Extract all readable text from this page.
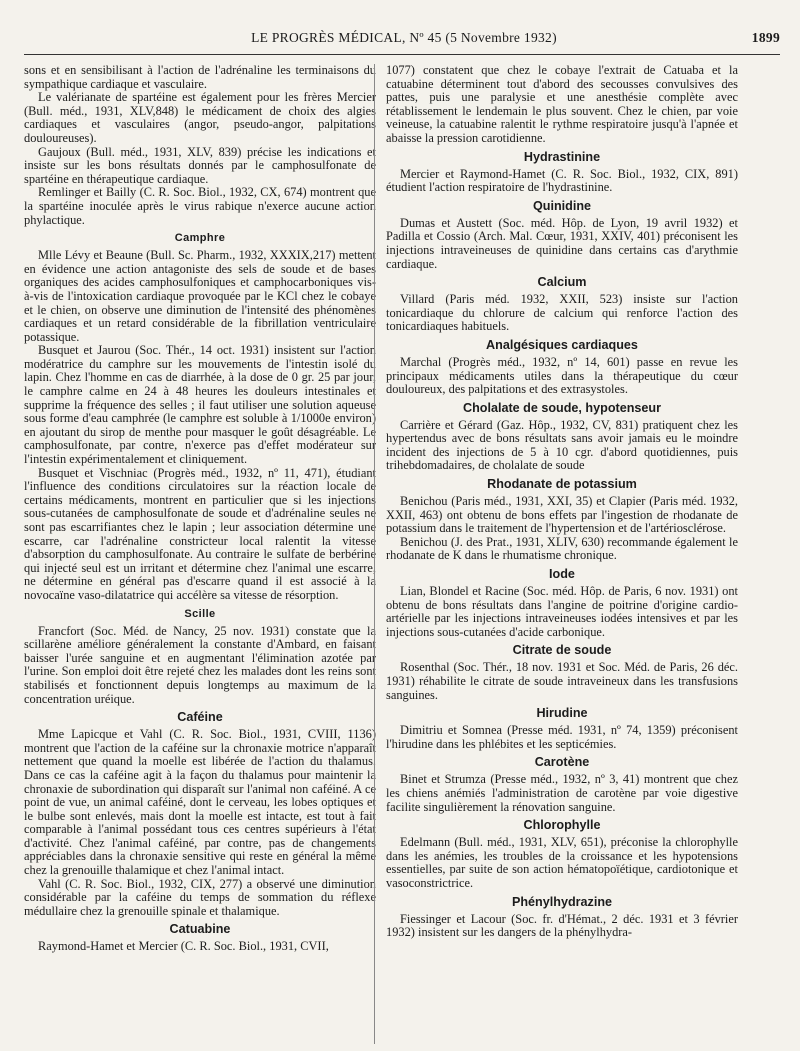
LE PROGRÈS MÉDICAL, Nº 45 (5 Novembre 1932)	1899

sons et en sensibilisant à l'action de l'adrénaline les terminaisons du sympathique cardiaque et vasculaire.

Le valérianate de spartéine est également pour les frères Mercier (Bull. méd., 1931, XLV,848) le médicament de choix des algies cardiaques et vasculaires (angor, pseudo-angor, palpitations douloureuses).

Gaujoux (Bull. méd., 1931, XLV, 839) précise les indications et insiste sur les bons résultats donnés par le camphosulfonate de spartéine en thérapeutique cardiaque.

Remlinger et Bailly (C. R. Soc. Biol., 1932, CX, 674) montrent que la spartéine inoculée après le virus rabique n'exerce aucune action phylactique.

Camphre

Mlle Lévy et Beaune (Bull. Sc. Pharm., 1932, XXXIX,217) mettent en évidence une action antagoniste des sels de soude et de bases organiques des acides camphosulfoniques et camphocarboniques vis-à-vis de l'intoxication cardiaque provoquée par le KCl chez le cobaye et le chien, on observe une diminution de l'intensité des phénomènes cardiaques et un retard considérable de la fibrillation ventriculaire potassique.

Busquet et Jaurou (Soc. Thér., 14 oct. 1931) insistent sur l'action modératrice du camphre sur les mouvements de l'intestin isolé du lapin. Chez l'homme en cas de diarrhée, à la dose de 0 gr. 25 par jour, le camphre calme en 24 à 48 heures les douleurs intestinales et supprime la fréquence des selles ; il faut utiliser une solution aqueuse sous forme d'eau camphrée (le camphre est soluble à 1/1000e environ) en ajoutant du sirop de menthe pour masquer le goût désagréable. Le camphosulfonate, par contre, n'exerce pas d'effet modérateur sur l'intestin expérimentalement et cliniquement.

Busquet et Vischniac (Progrès méd., 1932, nº 11, 471), étudiant l'influence des conditions circulatoires sur la réaction locale de certains médicaments, montrent en particulier que si les injections sous-cutanées de camphosulfonate de soude et d'adrénaline seules ne sont pas escarrifiantes chez le lapin ; leur association détermine une escarre, car l'adrénaline constricteur local ralentit la vitesse d'absorption du camphosulfonate. Au contraire le sulfate de berbérine qui injecté seul est un irritant et détermine chez l'animal une escarre, ne détermine en général pas d'escarre quand il est associé à la novocaïne vaso-dilatatrice qui accélère sa vitesse de résorption.

Scille

Francfort (Soc. Méd. de Nancy, 25 nov. 1931) constate que la scillarène améliore généralement la constante d'Ambard, en faisant baisser l'urée sanguine et en augmentant l'élimination azotée par l'urine. Son emploi doit être rejeté chez les malades dont les reins sont stabilisés et fonctionnent depuis longtemps au maximum de la concentration uréique.

Caféine

Mme Lapicque et Vahl (C. R. Soc. Biol., 1931, CVIII, 1136) montrent que l'action de la caféine sur la chronaxie motrice n'apparaît nettement que quand la moelle est libérée de l'action du thalamus. Dans ce cas la caféine agit à la façon du thalamus pour maintenir la chronaxie de subordination qui disparaît sur l'animal non caféiné. A ce point de vue, un animal caféiné, dont le cerveau, les lobes optiques et le bulbe sont enlevés, mais dont la moelle est intacte, est tout à fait comparable à l'animal possédant tous ces centres supérieurs à l'état d'activité. Chez l'animal caféiné, par contre, pas de changements appréciables dans la chronaxie sensitive qui reste en général la même chez la grenouille thalamique et chez l'animal intact.

Vahl (C. R. Soc. Biol., 1932, CIX, 277) a observé une diminution considérable par la caféine du temps de sommation du réflexe médullaire chez la grenouille spinale et thalamique.

Catuabine

Raymond-Hamet et Mercier (C. R. Soc. Biol., 1931, CVII,

1077) constatent que chez le cobaye l'extrait de Catuaba et la catuabine déterminent tout d'abord des secousses convulsives des pattes, puis une paralysie et une anesthésie complète avec rétablissement le lendemain le plus souvent. Chez le chien, par voie veineuse, la catuabine ralentit le rythme respiratoire jusqu'à l'apnée et abaisse la pression carotidienne.

Hydrastinine

Mercier et Raymond-Hamet (C. R. Soc. Biol., 1932, CIX, 891) étudient l'action respiratoire de l'hydrastinine.

Quinidine

Dumas et Austett (Soc. méd. Hôp. de Lyon, 19 avril 1932) et Padilla et Cossio (Arch. Mal. Cœur, 1931, XXIV, 401) préconisent les injections intraveineuses de quinidine dans certains cas d'arythmie cardiaque.

Calcium

Villard (Paris méd. 1932, XXII, 523) insiste sur l'action tonicardiaque du chlorure de calcium qui renforce l'action des tonicardiaques habituels.

Analgésiques cardiaques

Marchal (Progrès méd., 1932, nº 14, 601) passe en revue les principaux médicaments utiles dans la thérapeutique du cœur douloureux, des palpitations et des extrasystoles.

Cholalate de soude, hypotenseur

Carrière et Gérard (Gaz. Hôp., 1932, CV, 831) pratiquent chez les hypertendus avec de bons résultats sans avoir jamais eu le moindre incident des injections de 5 à 10 cgr. d'abord quotidiennes, puis trihebdomadaires, de cholalate de soude

Rhodanate de potassium

Benichou (Paris méd., 1931, XXI, 35) et Clapier (Paris méd. 1932, XXII, 463) ont obtenu de bons effets par l'ingestion de rhodanate de potassium dans le traitement de l'hypertension et de l'artériosclérose.

Benichou (J. des Prat., 1931, XLIV, 630) recommande également le rhodanate de K dans le rhumatisme chronique.

Iode

Lian, Blondel et Racine (Soc. méd. Hôp. de Paris, 6 nov. 1931) ont obtenu de bons résultats dans l'angine de poitrine d'origine cardio-artérielle par les injections intraveineuses iodées intensives et par les injections sous-cutanées d'acide carbonique.

Citrate de soude

Rosenthal (Soc. Thér., 18 nov. 1931 et Soc. Méd. de Paris, 26 déc. 1931) réhabilite le citrate de soude intraveineux dans les transfusions sanguines.

Hirudine

Dimitriu et Somnea (Presse méd. 1931, nº 74, 1359) préconisent l'hirudine dans les phlébites et les septicémies.

Carotène

Binet et Strumza (Presse méd., 1932, nº 3, 41) montrent que chez les chiens anémiés l'administration de carotène par voie digestive facilite singulièrement la rénovation sanguine.

Chlorophylle

Edelmann (Bull. méd., 1931, XLV, 651), préconise la chlorophylle dans les anémies, les troubles de la croissance et les hypotensions essentielles, par suite de son action hématopoïétique, cardiotonique et vasoconstrictrice.

Phénylhydrazine

Fiessinger et Lacour (Soc. fr. d'Hémat., 2 déc. 1931 et 3 février 1932) insistent sur les dangers de la phénylhydra-
